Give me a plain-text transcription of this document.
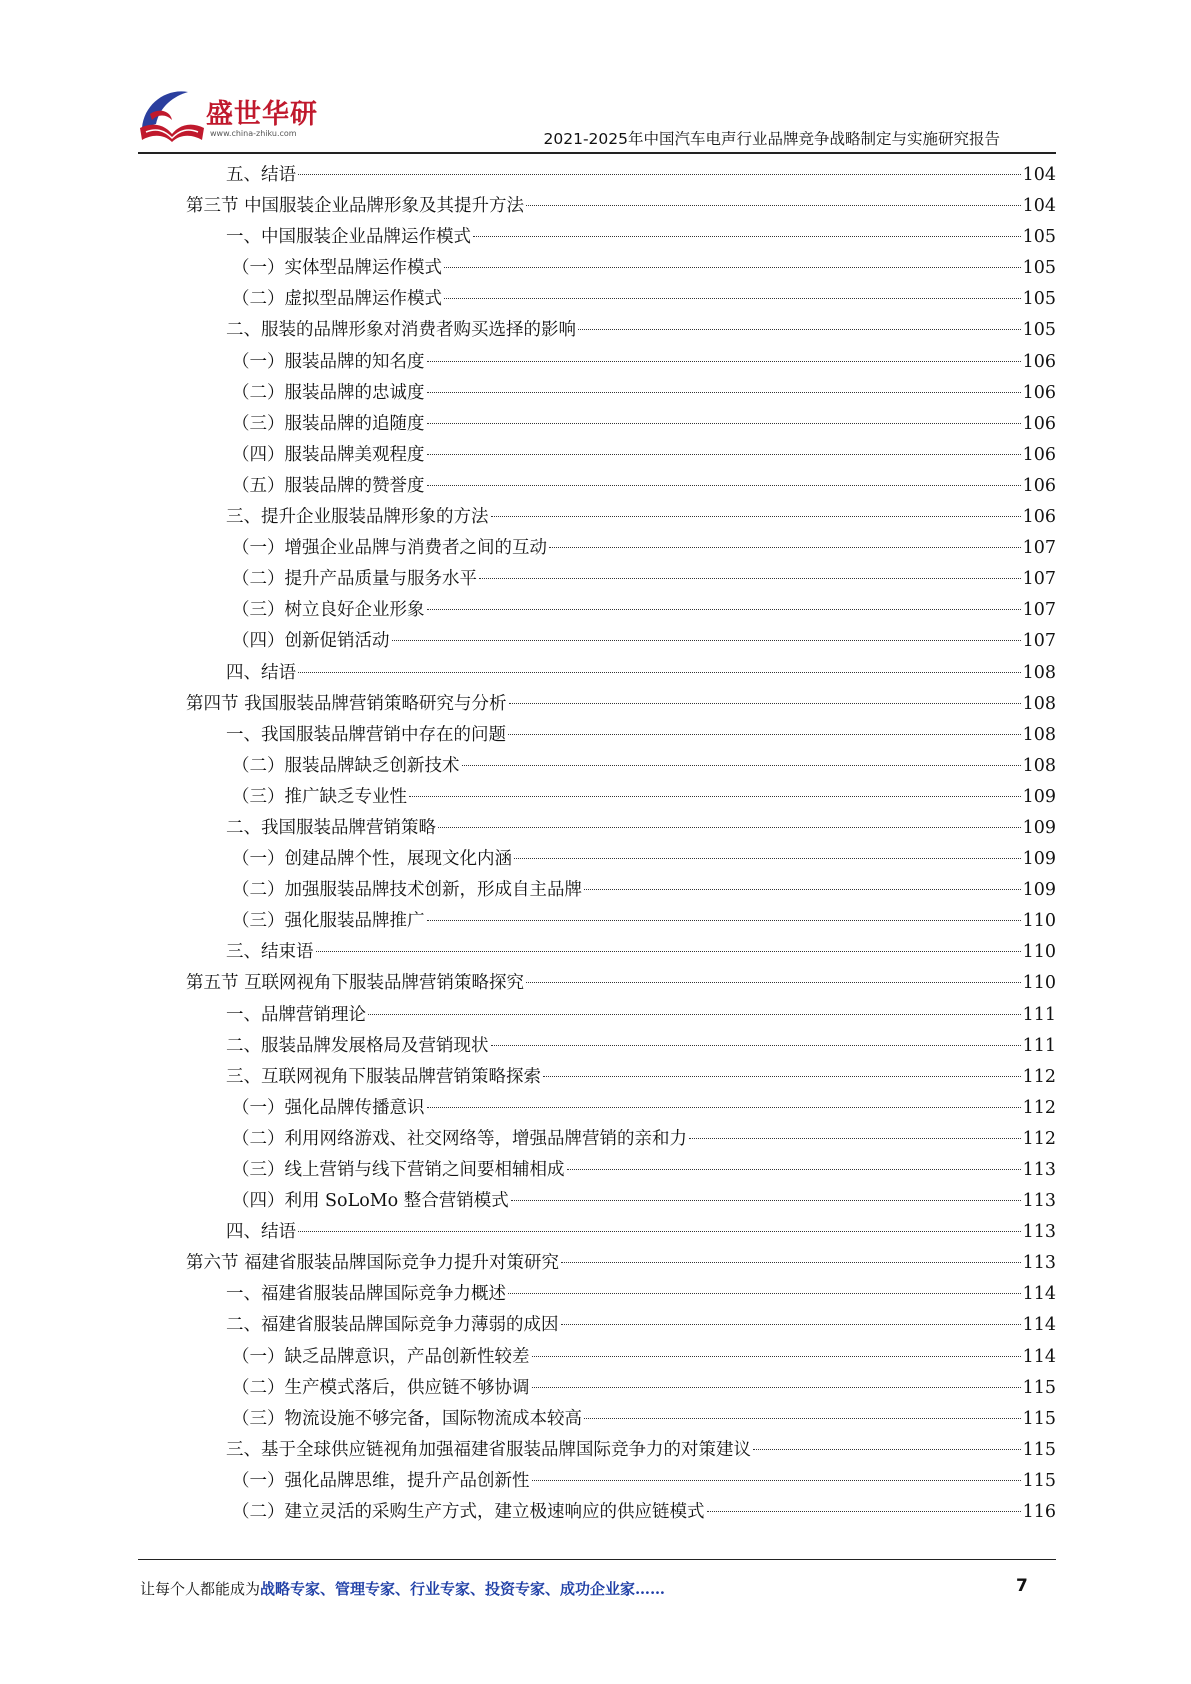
盛世华研
www.china-zhiku.com	2021-2025年中国汽车电声行业品牌竞争战略制定与实施研究报告
五、结语	104
第三节 中国服装企业品牌形象及其提升方法	104
一、中国服装企业品牌运作模式	105
（一）实体型品牌运作模式	105
（二）虚拟型品牌运作模式	105
二、服装的品牌形象对消费者购买选择的影响	105
（一）服装品牌的知名度	106
（二）服装品牌的忠诚度	106
（三）服装品牌的追随度	106
（四）服装品牌美观程度	106
（五）服装品牌的赞誉度	106
三、提升企业服装品牌形象的方法	106
（一）增强企业品牌与消费者之间的互动	107
（二）提升产品质量与服务水平	107
（三）树立良好企业形象	107
（四）创新促销活动	107
四、结语	108
第四节 我国服装品牌营销策略研究与分析	108
一、我国服装品牌营销中存在的问题	108
（二）服装品牌缺乏创新技术	108
（三）推广缺乏专业性	109
二、我国服装品牌营销策略	109
（一）创建品牌个性，展现文化内涵	109
（二）加强服装品牌技术创新，形成自主品牌	109
（三）强化服装品牌推广	110
三、结束语	110
第五节 互联网视角下服装品牌营销策略探究	110
一、品牌营销理论	111
二、服装品牌发展格局及营销现状	111
三、互联网视角下服装品牌营销策略探索	112
（一）强化品牌传播意识	112
（二）利用网络游戏、社交网络等，增强品牌营销的亲和力	112
（三）线上营销与线下营销之间要相辅相成	113
（四）利用 SoLoMo 整合营销模式	113
四、结语	113
第六节 福建省服装品牌国际竞争力提升对策研究	113
一、福建省服装品牌国际竞争力概述	114
二、福建省服装品牌国际竞争力薄弱的成因	114
（一）缺乏品牌意识，产品创新性较差	114
（二）生产模式落后，供应链不够协调	115
（三）物流设施不够完备，国际物流成本较高	115
三、基于全球供应链视角加强福建省服装品牌国际竞争力的对策建议	115
（一）强化品牌思维，提升产品创新性	115
（二）建立灵活的采购生产方式，建立极速响应的供应链模式	116
让每个人都能成为战略专家、管理专家、行业专家、投资专家、成功企业家……	7
